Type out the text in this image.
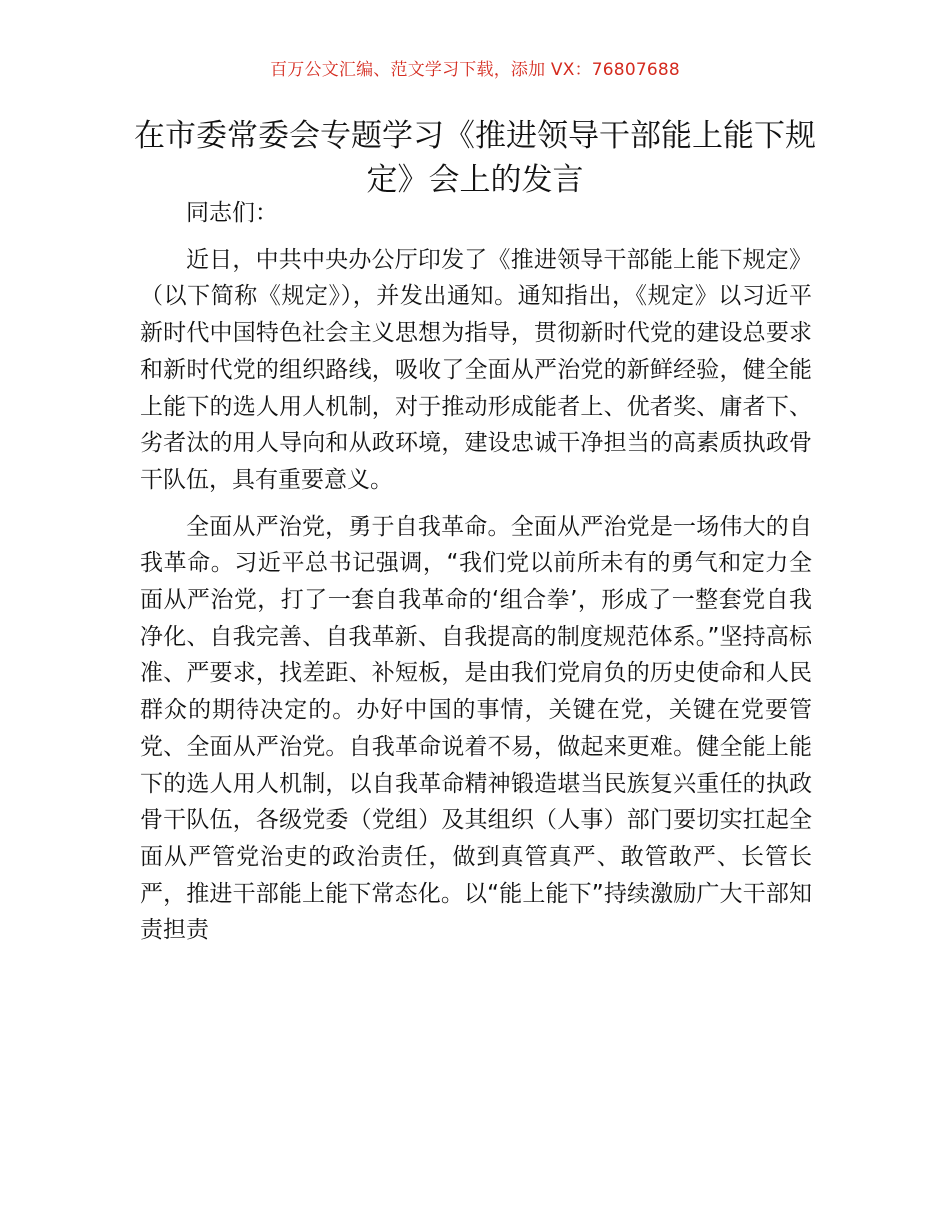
百万公文汇编、范文学习下载，添加 VX：76807688
在市委常委会专题学习《推进领导干部能上能下规定》会上的发言

同志们：

近日，中共中央办公厅印发了《推进领导干部能上能下规定》（以下简称《规定》），并发出通知。通知指出，《规定》以习近平新时代中国特色社会主义思想为指导，贯彻新时代党的建设总要求和新时代党的组织路线，吸收了全面从严治党的新鲜经验，健全能上能下的选人用人机制，对于推动形成能者上、优者奖、庸者下、劣者汰的用人导向和从政环境，建设忠诚干净担当的高素质执政骨干队伍，具有重要意义。

全面从严治党，勇于自我革命。全面从严治党是一场伟大的自我革命。习近平总书记强调，“我们党以前所未有的勇气和定力全面从严治党，打了一套自我革命的‘组合拳’，形成了一整套党自我净化、自我完善、自我革新、自我提高的制度规范体系。”坚持高标准、严要求，找差距、补短板，是由我们党肩负的历史使命和人民群众的期待决定的。办好中国的事情，关键在党，关键在党要管党、全面从严治党。自我革命说着不易，做起来更难。健全能上能下的选人用人机制，以自我革命精神锻造堪当民族复兴重任的执政骨干队伍，各级党委（党组）及其组织（人事）部门要切实扛起全面从严管党治吏的政治责任，做到真管真严、敢管敢严、长管长严，推进干部能上能下常态化。以“能上能下”持续激励广大干部知责担责
